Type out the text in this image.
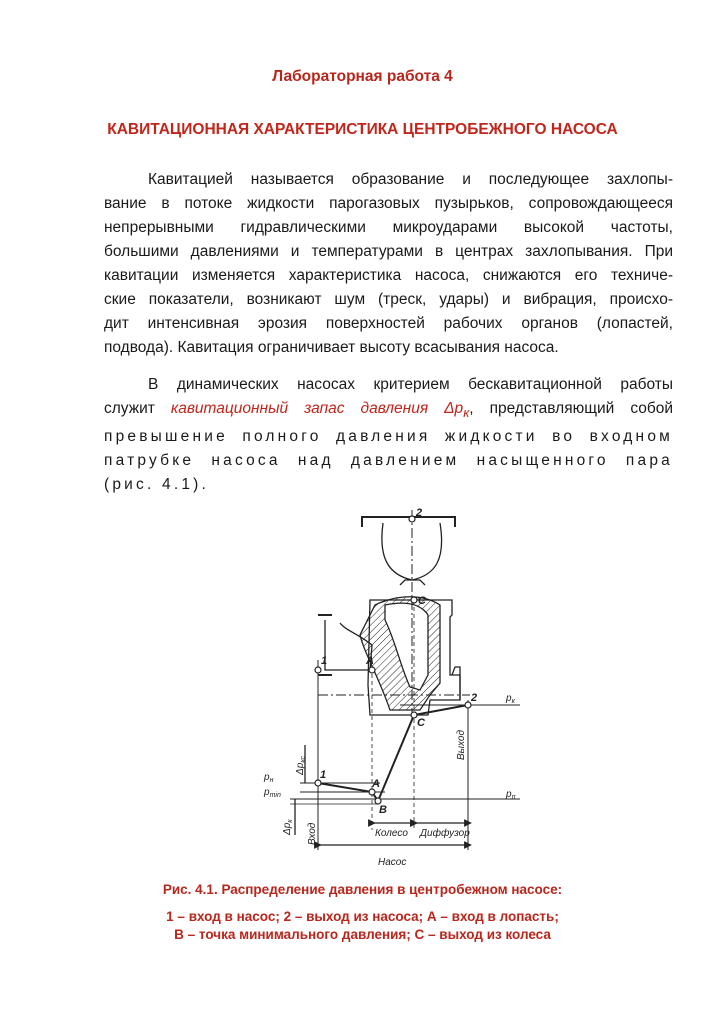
Лабораторная работа 4
КАВИТАЦИОННАЯ ХАРАКТЕРИСТИКА ЦЕНТРОБЕЖНОГО НАСОСА
Кавитацией называется образование и последующее захлопы-
вание в потоке жидкости парогазовых пузырьков, сопровождающееся
непрерывными гидравлическими микроударами высокой частоты,
большими давлениями и температурами в центрах захлопывания. При
кавитации изменяется характеристика насоса, снижаются его техниче-
ские показатели, возникают шум (треск, удары) и вибрация, происхо-
дит интенсивная эрозия поверхностей рабочих органов (лопастей,
подвода). Кавитация ограничивает высоту всасывания насоса.
В динамических насосах критерием бескавитационной работы
служит кавитационный запас давления $\Delta p_к$, представляющий собой
превышение полного давления жидкости во входном
патрубке насоса над давлением насыщенного пара
(рис. 4.1).
2
C
1	A
2
C
1
A
B
$p_к$
$p_п$
$p_н$
$p_{min}$
$\Delta p_{кс}$
$\Delta p_к$
Вход
Выход
Колесо Диффузор
Насос
Рис. 4.1. Распределение давления в центробежном насосе:
1 – вход в насос; 2 – выход из насоса; А – вход в лопасть;
В – точка минимального давления; С – выход из колеса
